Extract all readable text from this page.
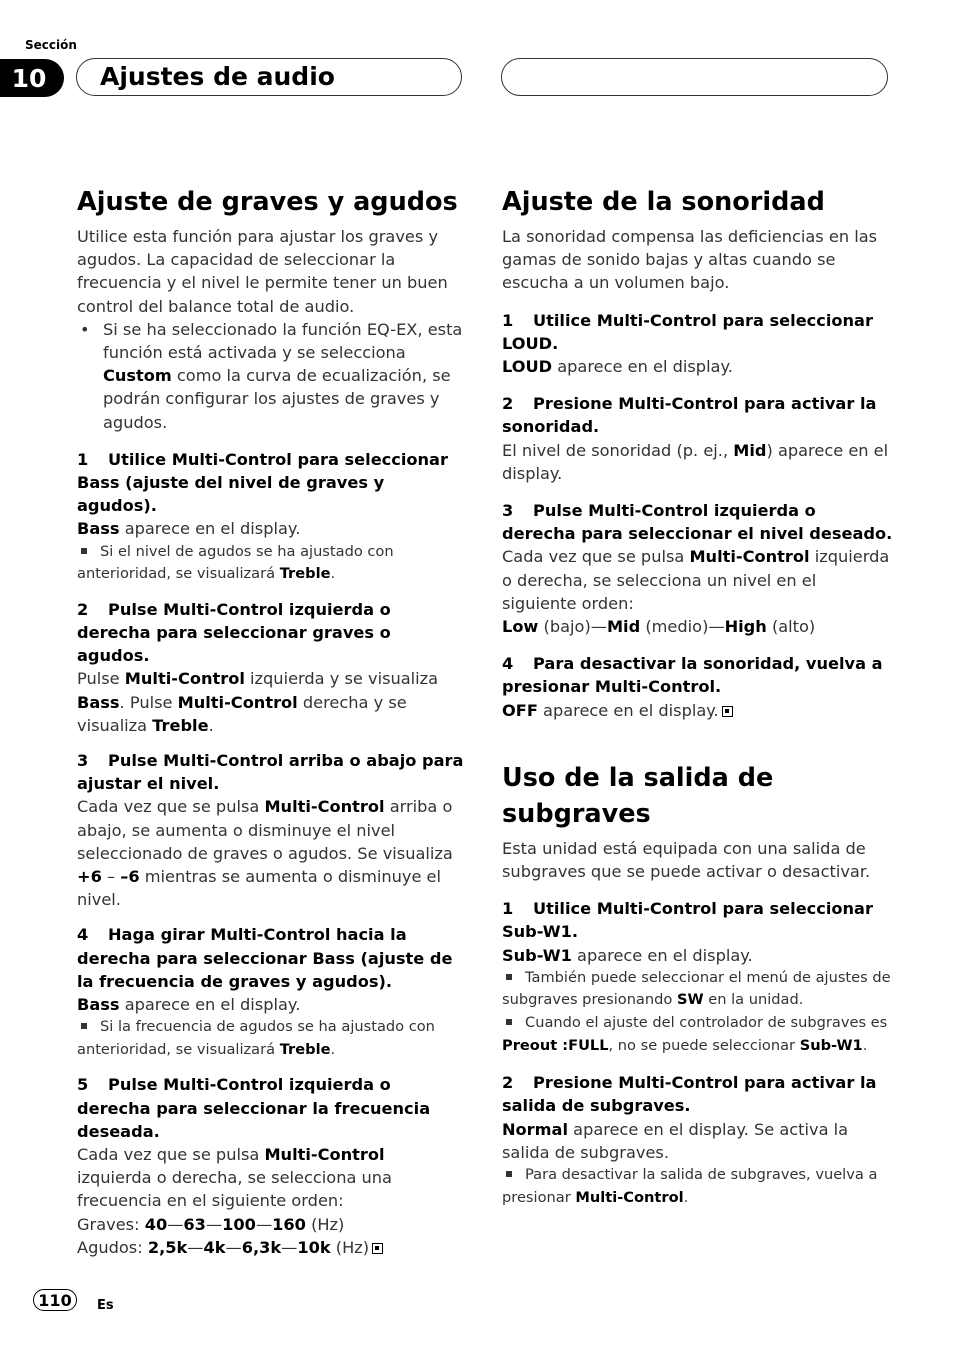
Sección
10	Ajustes de audio
Ajuste de graves y agudos

Utilice esta función para ajustar los graves y agudos. La capacidad de seleccionar la frecuencia y el nivel le permite tener un buen control del balance total de audio.

• Si se ha seleccionado la función EQ-EX, esta función está activada y se selecciona Custom como la curva de ecualización, se podrán configurar los ajustes de graves y agudos.
1 Utilice Multi-Control para seleccionar Bass (ajuste del nivel de graves y agudos).

Bass aparece en el display.

Si el nivel de agudos se ha ajustado con anterioridad, se visualizará Treble.

2 Pulse Multi-Control izquierda o derecha para seleccionar graves o agudos.

Pulse Multi-Control izquierda y se visualiza Bass. Pulse Multi-Control derecha y se visualiza Treble.

3 Pulse Multi-Control arriba o abajo para ajustar el nivel.

Cada vez que se pulsa Multi-Control arriba o abajo, se aumenta o disminuye el nivel seleccionado de graves o agudos. Se visualiza +6 – –6 mientras se aumenta o disminuye el nivel.

4 Haga girar Multi-Control hacia la derecha para seleccionar Bass (ajuste de la frecuencia de graves y agudos).

Bass aparece en el display.

Si la frecuencia de agudos se ha ajustado con anterioridad, se visualizará Treble.

5 Pulse Multi-Control izquierda o derecha para seleccionar la frecuencia deseada.

Cada vez que se pulsa Multi-Control izquierda o derecha, se selecciona una frecuencia en el siguiente orden:

Graves: 40—63—100—160 (Hz)

Agudos: 2,5k—4k—6,3k—10k (Hz)

Ajuste de la sonoridad

La sonoridad compensa las deficiencias en las gamas de sonido bajas y altas cuando se escucha a un volumen bajo.

1 Utilice Multi-Control para seleccionar LOUD.

LOUD aparece en el display.

2 Presione Multi-Control para activar la sonoridad.

El nivel de sonoridad (p. ej., Mid) aparece en el display.

3 Pulse Multi-Control izquierda o derecha para seleccionar el nivel deseado.

Cada vez que se pulsa Multi-Control izquierda o derecha, se selecciona un nivel en el siguiente orden:

Low (bajo)—Mid (medio)—High (alto)

4 Para desactivar la sonoridad, vuelva a presionar Multi-Control.

OFF aparece en el display.

Uso de la salida de subgraves

Esta unidad está equipada con una salida de subgraves que se puede activar o desactivar.

1 Utilice Multi-Control para seleccionar Sub-W1.

Sub-W1 aparece en el display.

También puede seleccionar el menú de ajustes de subgraves presionando SW en la unidad.

Cuando el ajuste del controlador de subgraves es Preout :FULL, no se puede seleccionar Sub-W1.

2 Presione Multi-Control para activar la salida de subgraves.

Normal aparece en el display. Se activa la salida de subgraves.

Para desactivar la salida de subgraves, vuelva a presionar Multi-Control.

110	Es
